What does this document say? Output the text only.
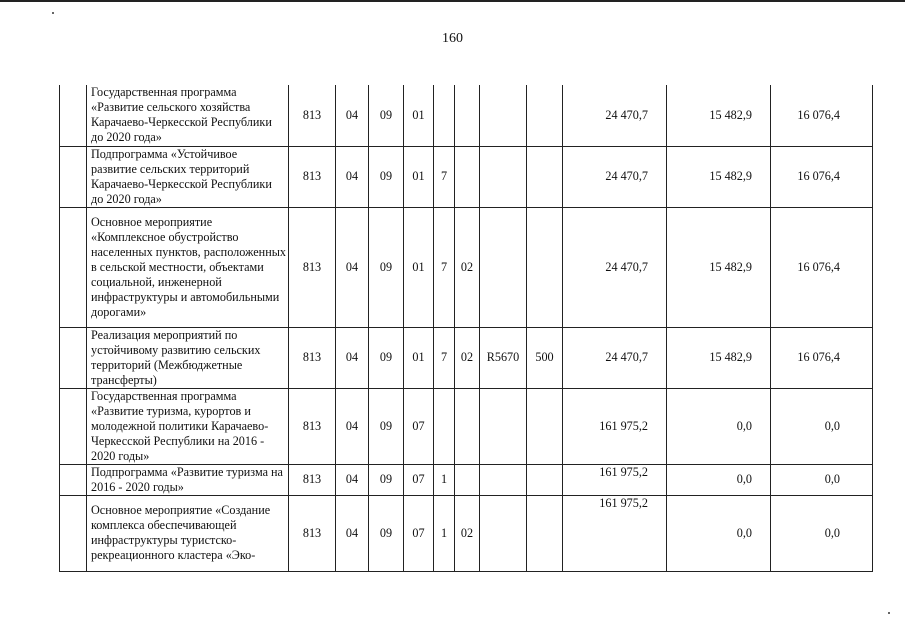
160
	Государственная программа «Развитие сельского хозяйства Карачаево-Черкесской Республики до 2020 года»	813	04	09	01					24 470,7	15 482,9	16 076,4
	Подпрограмма «Устойчивое развитие сельских территорий Карачаево-Черкесской Республики до 2020 года»	813	04	09	01	7				24 470,7	15 482,9	16 076,4
	Основное мероприятие «Комплексное обустройство населенных пунктов, расположенных в сельской местности, объектами социальной, инженерной инфраструктуры и автомобильными дорогами»	813	04	09	01	7	02			24 470,7	15 482,9	16 076,4
	Реализация мероприятий по устойчивому развитию сельских территорий (Межбюджетные трансферты)	813	04	09	01	7	02	R5670	500	24 470,7	15 482,9	16 076,4
	Государственная программа «Развитие туризма, курортов и молодежной политики Карачаево-Черкесской Республики на 2016 - 2020 годы»	813	04	09	07					161 975,2	0,0	0,0
	Подпрограмма «Развитие туризма на 2016 - 2020 годы»	813	04	09	07	1				161 975,2	0,0	0,0
	Основное мероприятие «Создание комплекса обеспечивающей инфраструктуры туристско-рекреационного кластера «Эко-	813	04	09	07	1	02			161 975,2	0,0	0,0
